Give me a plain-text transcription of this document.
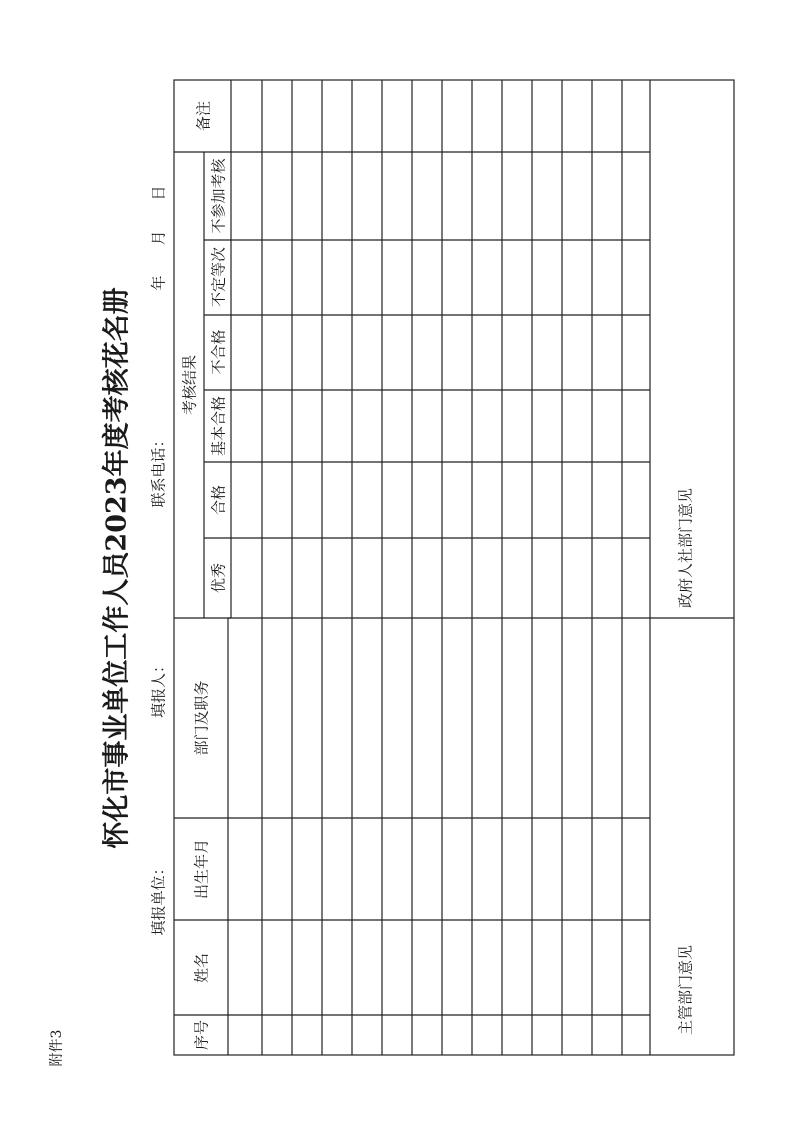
附件3
怀化市事业单位工作人员2023年度考核花名册
填报单位：
填报人：
联系电话：
年　　月　　日
序号
姓名
出生年月
部门及职务
考核结果
优秀
合格
基本合格
不合格
不定等次
不参加考核
备注
主管部门意见
政府人社部门意见
